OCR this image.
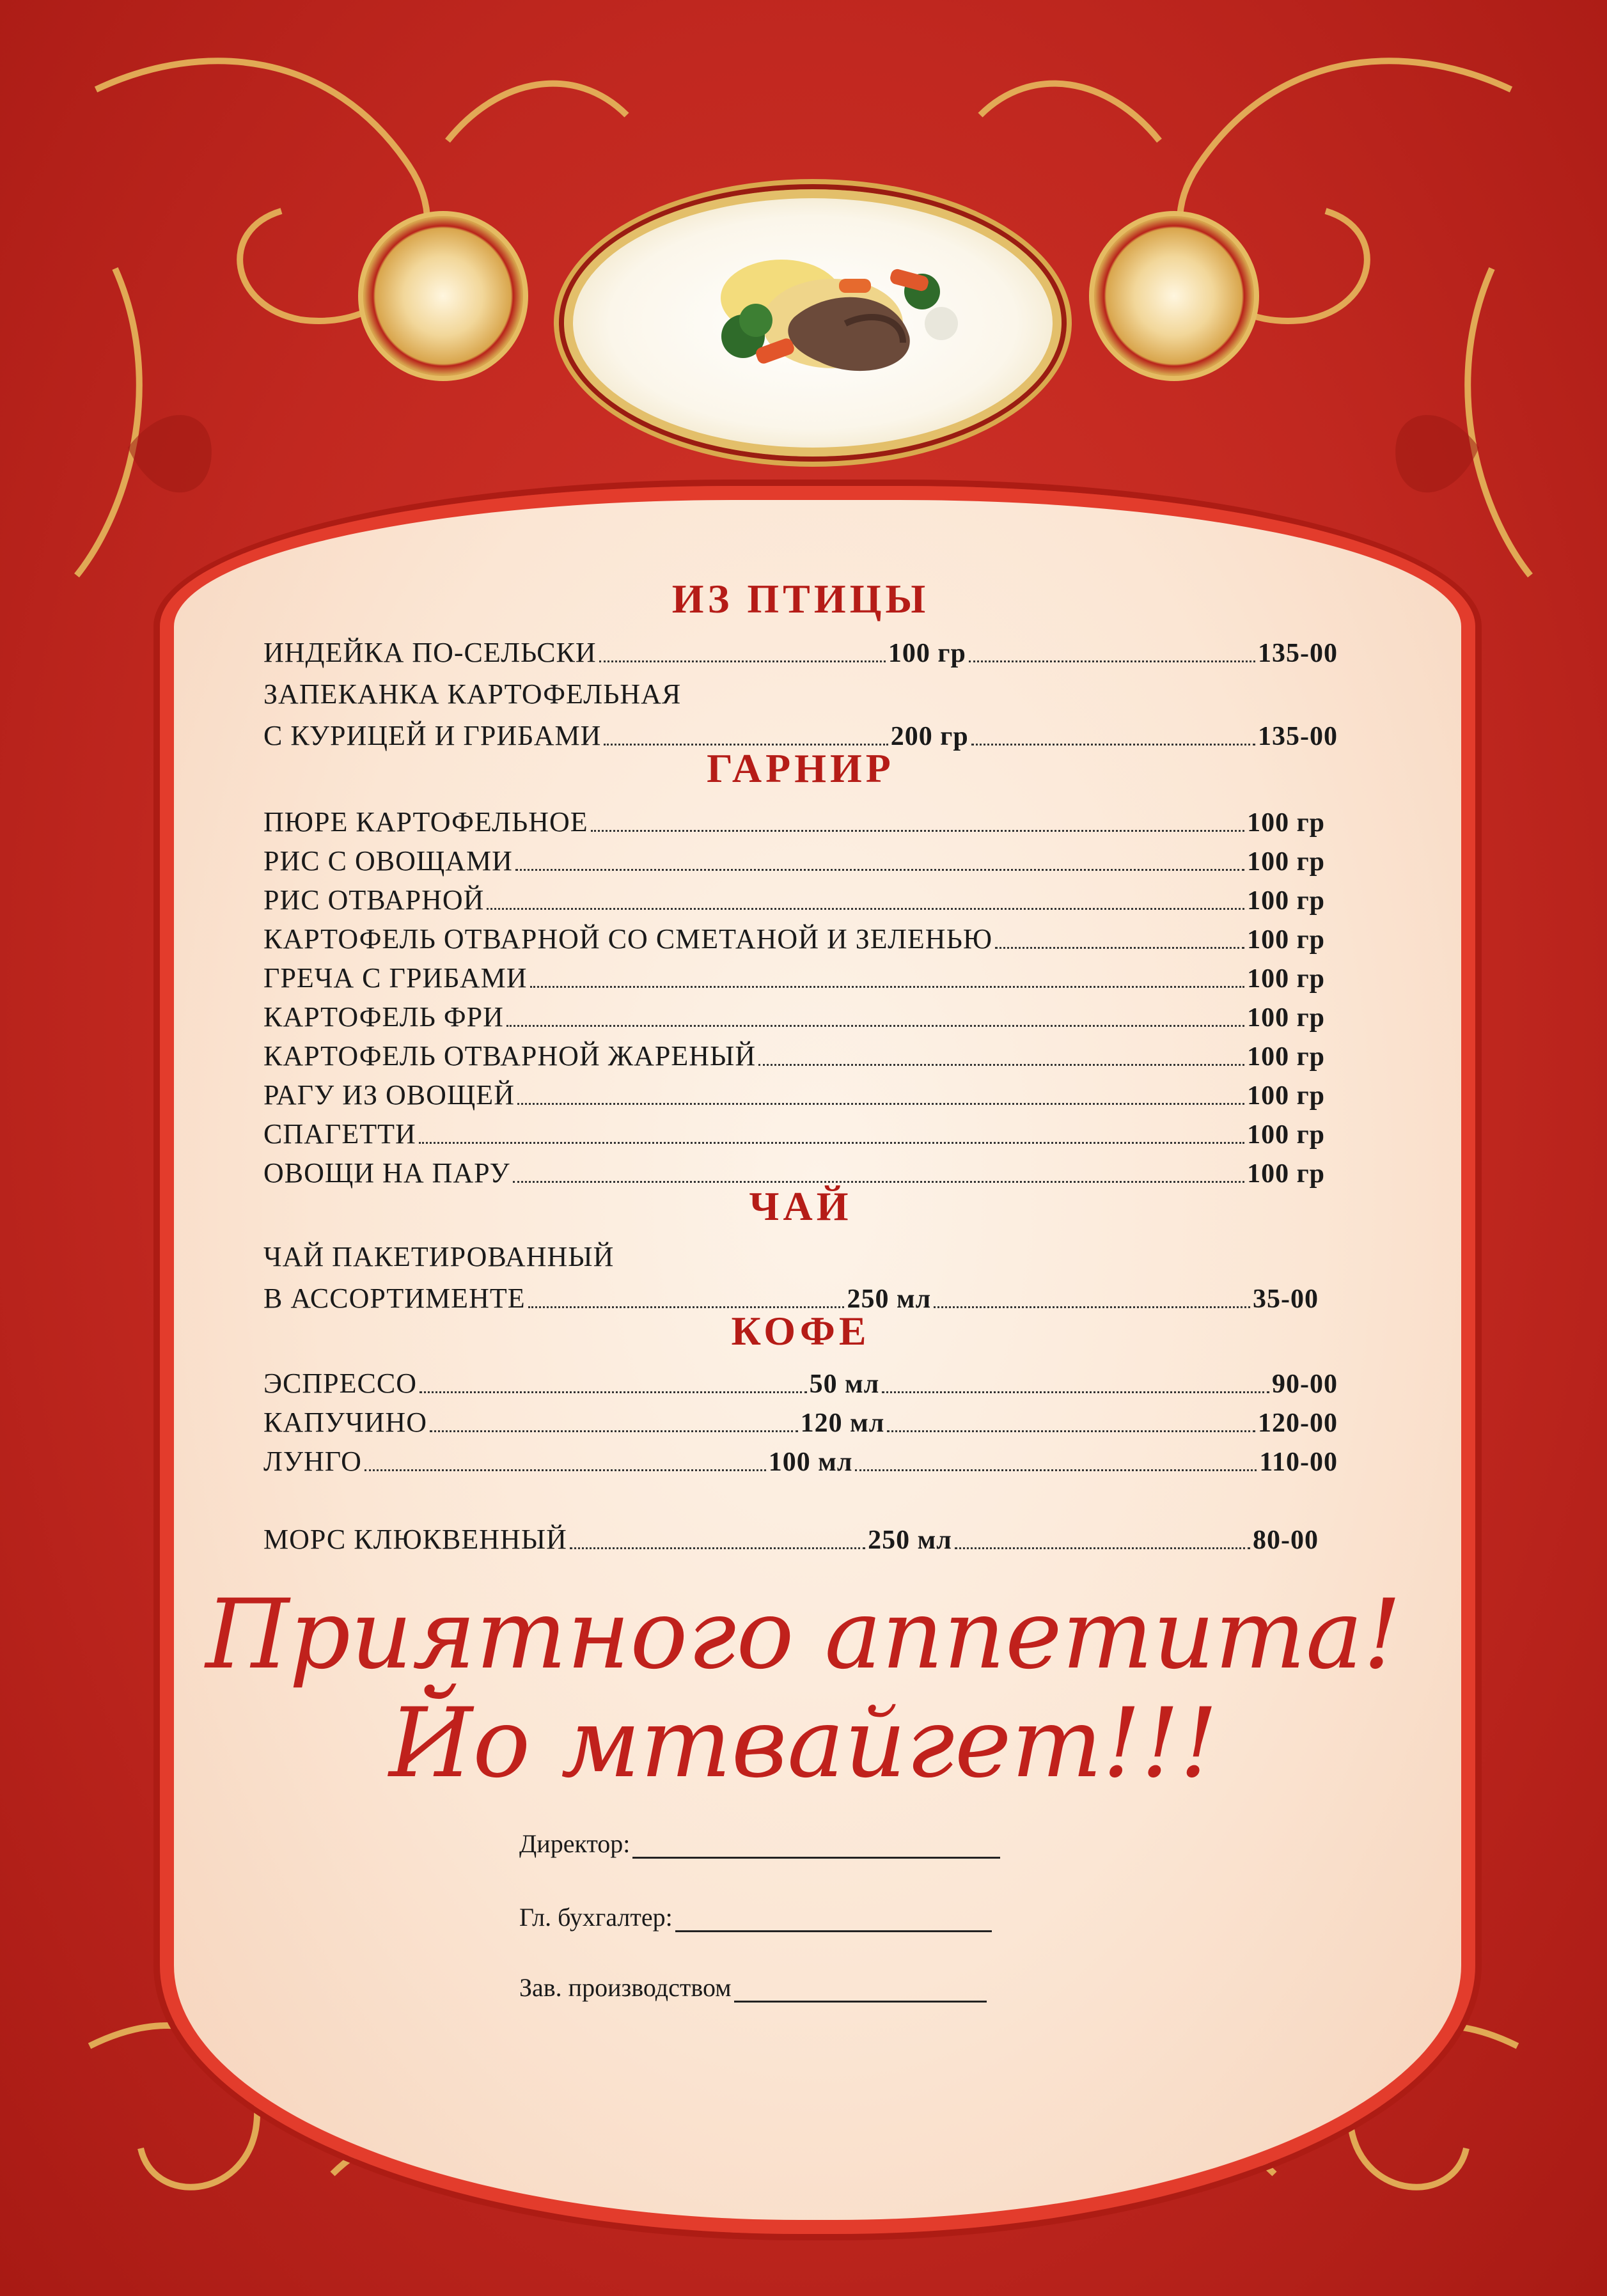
ИЗ ПТИЦЫ
ИНДЕЙКА ПО-СЕЛЬСКИ	100 гр	135-00
ЗАПЕКАНКА КАРТОФЕЛЬНАЯ
С КУРИЦЕЙ И ГРИБАМИ	200 гр	135-00
ГАРНИР
ПЮРЕ КАРТОФЕЛЬНОЕ	100 гр
РИС С ОВОЩАМИ	100 гр
РИС ОТВАРНОЙ	100 гр
КАРТОФЕЛЬ ОТВАРНОЙ СО СМЕТАНОЙ И ЗЕЛЕНЬЮ	100 гр
ГРЕЧА С ГРИБАМИ	100 гр
КАРТОФЕЛЬ ФРИ	100 гр
КАРТОФЕЛЬ ОТВАРНОЙ ЖАРЕНЫЙ	100 гр
РАГУ ИЗ ОВОЩЕЙ	100 гр
СПАГЕТТИ	100 гр
ОВОЩИ НА ПАРУ	100 гр
ЧАЙ
ЧАЙ ПАКЕТИРОВАННЫЙ
В АССОРТИМЕНТЕ	250 мл	35-00
КОФЕ
ЭСПРЕССО	50 мл	90-00
КАПУЧИНО	120 мл	120-00
ЛУНГО	100 мл	110-00
МОРС КЛЮКВЕННЫЙ	250 мл	80-00
Приятного аппетита!
Йо мтвайгет!!!
Директор:
Гл. бухгалтер:
Зав. производством
